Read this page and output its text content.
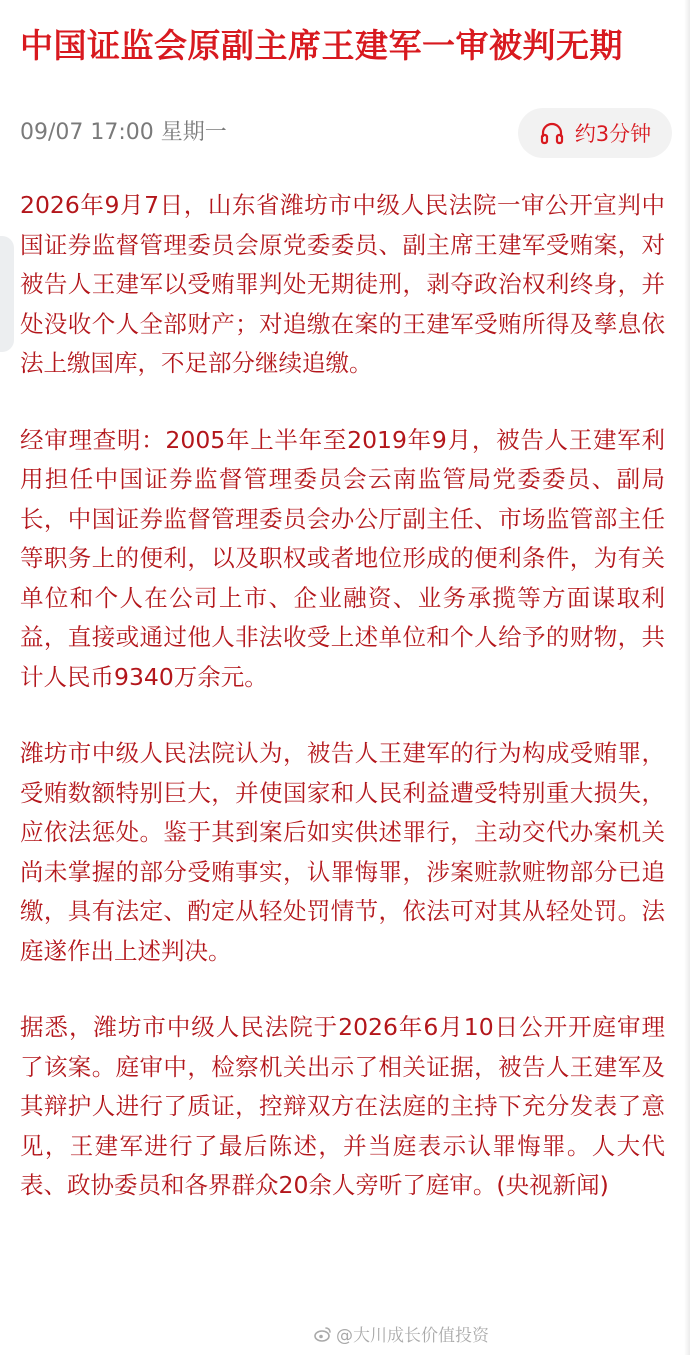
中国证监会原副主席王建军一审被判无期
09/07 17:00 星期一	约3分钟

2026年9月7日，山东省潍坊市中级人民法院一审公开宣判中国证券监督管理委员会原党委委员、副主席王建军受贿案，对被告人王建军以受贿罪判处无期徒刑，剥夺政治权利终身，并处没收个人全部财产；对追缴在案的王建军受贿所得及孳息依法上缴国库，不足部分继续追缴。

经审理查明：2005年上半年至2019年9月，被告人王建军利用担任中国证券监督管理委员会云南监管局党委委员、副局长，中国证券监督管理委员会办公厅副主任、市场监管部主任等职务上的便利，以及职权或者地位形成的便利条件，为有关单位和个人在公司上市、企业融资、业务承揽等方面谋取利益，直接或通过他人非法收受上述单位和个人给予的财物，共计人民币9340万余元。

潍坊市中级人民法院认为，被告人王建军的行为构成受贿罪，受贿数额特别巨大，并使国家和人民利益遭受特别重大损失，应依法惩处。鉴于其到案后如实供述罪行，主动交代办案机关尚未掌握的部分受贿事实，认罪悔罪，涉案赃款赃物部分已追缴，具有法定、酌定从轻处罚情节，依法可对其从轻处罚。法庭遂作出上述判决。

据悉，潍坊市中级人民法院于2026年6月10日公开开庭审理了该案。庭审中，检察机关出示了相关证据，被告人王建军及其辩护人进行了质证，控辩双方在法庭的主持下充分发表了意见，王建军进行了最后陈述，并当庭表示认罪悔罪。人大代表、政协委员和各界群众20余人旁听了庭审。(央视新闻)

@大川成长价值投资
